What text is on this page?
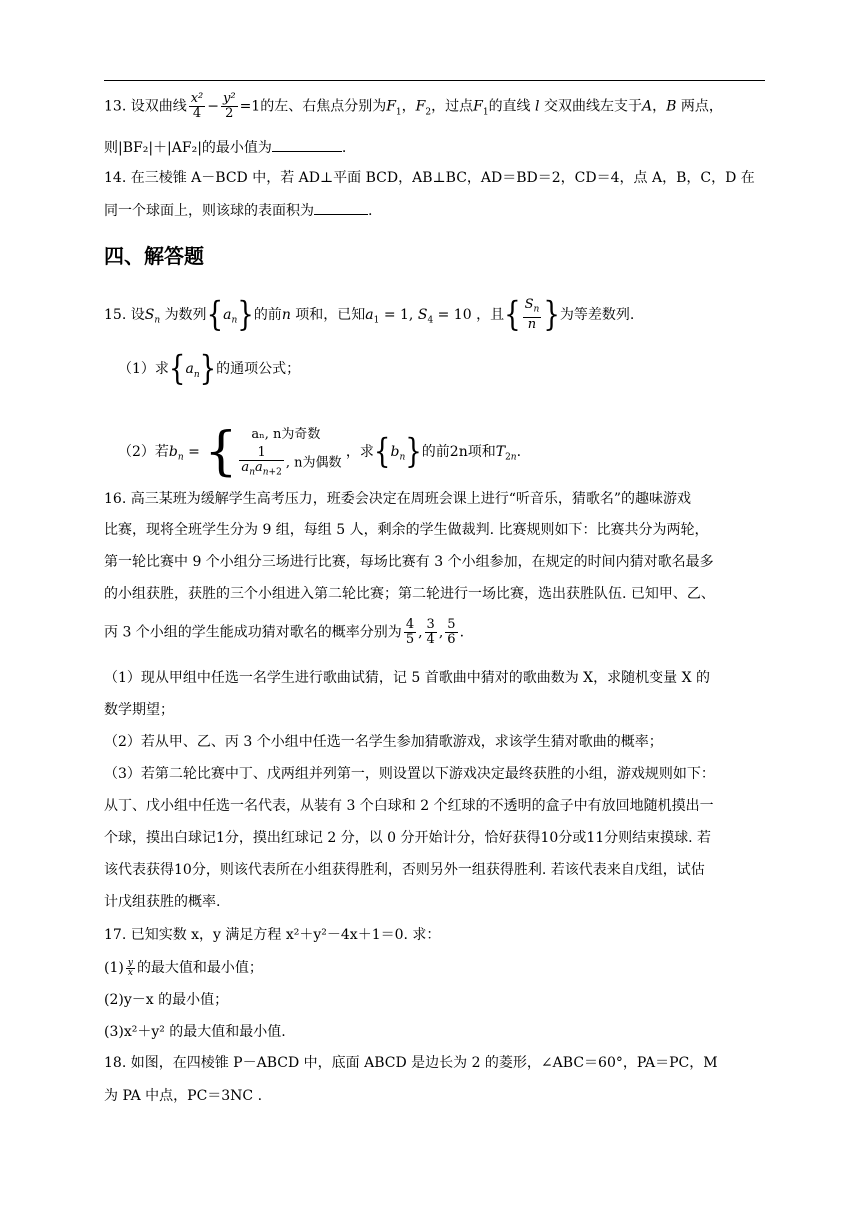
13. 设双曲线 $\frac{\text{x²}}{4} - \frac{\text{y²}}{2} =1$的左、右焦点分别为$F_1$，$F_2$，过点$F_1$的直线 l 交双曲线左支于A，B 两点，
则|BF₂|＋|AF₂|的最小值为	.
14. 在三棱锥 A－BCD 中，若 AD⊥平面 BCD，AB⊥BC，AD＝BD＝2，CD＝4，点 A，B，C，D 在
同一个球面上，则该球的表面积为	.
四、解答题
15. 设$S_n$ 为数列$\{a_n\}$的前n 项和，已知$a_1 = 1$, $S_4 = 10$ ，且{ $\frac{S_n}{n}$ }为等差数列.
（1）求$\{a_n\}$的通项公式；
（2）若$b_n$ = {	aₙ, n为奇数
$\frac{1}{a_na_{n+2}}$ , n为偶数
，求$\{b_n\}$的前2n项和$T_{2n}$.
16. 高三某班为缓解学生高考压力，班委会决定在周班会课上进行“听音乐，猜歌名”的趣味游戏
比赛，现将全班学生分为 9 组，每组 5 人，剩余的学生做裁判. 比赛规则如下：比赛共分为两轮，
第一轮比赛中 9 个小组分三场进行比赛，每场比赛有 3 个小组参加，在规定的时间内猜对歌名最多
的小组获胜，获胜的三个小组进入第二轮比赛；第二轮进行一场比赛，选出获胜队伍. 已知甲、乙、
丙 3 个小组的学生能成功猜对歌名的概率分别为 $\frac{4}{5}$ , $\frac{3}{4}$ , $\frac{5}{6}$ .
（1）现从甲组中任选一名学生进行歌曲试猜，记 5 首歌曲中猜对的歌曲数为 X，求随机变量 X 的
数学期望；
（2）若从甲、乙、丙 3 个小组中任选一名学生参加猜歌游戏，求该学生猜对歌曲的概率；
（3）若第二轮比赛中丁、戊两组并列第一，则设置以下游戏决定最终获胜的小组，游戏规则如下：
从丁、戊小组中任选一名代表，从装有 3 个白球和 2 个红球的不透明的盒子中有放回地随机摸出一
个球，摸出白球记1分，摸出红球记 2 分，以 0 分开始计分，恰好获得10分或11分则结束摸球. 若
该代表获得10分，则该代表所在小组获得胜利，否则另外一组获得胜利. 若该代表来自戊组，试估
计戊组获胜的概率.
17. 已知实数 x，y 满足方程 x²＋y²－4x＋1＝0. 求：
$(1) \frac{y}{x}$ 的最大值和最小值；
(2)y－x 的最小值；
(3)x²＋y² 的最大值和最小值.
18. 如图，在四棱锥 P－ABCD 中，底面 ABCD 是边长为 2 的菱形，∠ABC＝60°，PA＝PC，M
为 PA 中点，PC＝3NC .
